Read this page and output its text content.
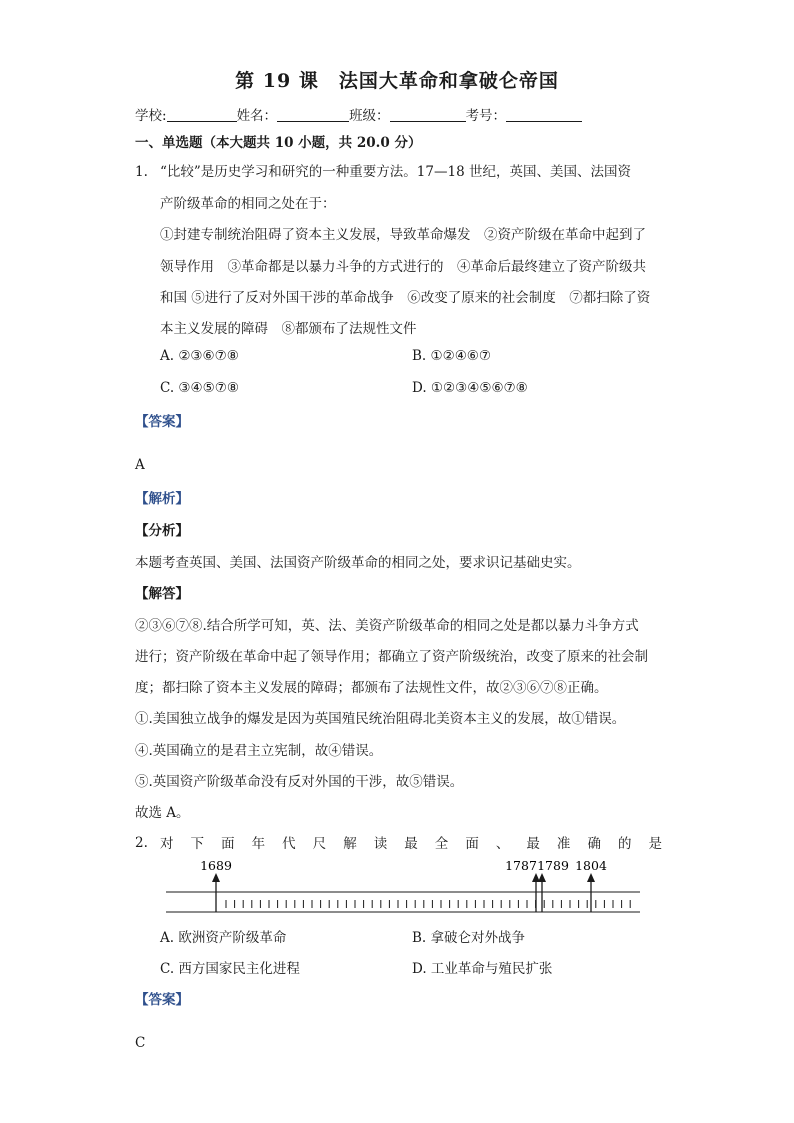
第 19 课　法国大革命和拿破仑帝国
学校:	姓名：	班级：	考号：
一、单选题（本大题共 10 小题，共 20.0 分）
1. “比较”是历史学习和研究的一种重要方法。17—18 世纪，英国、美国、法国资
产阶级革命的相同之处在于：
①封建专制统治阻碍了资本主义发展，导致革命爆发　②资产阶级在革命中起到了
领导作用　③革命都是以暴力斗争的方式进行的　④革命后最终建立了资产阶级共
和国 ⑤进行了反对外国干涉的革命战争　⑥改变了原来的社会制度　⑦都扫除了资
本主义发展的障碍　⑧都颁布了法规性文件
A. ②③⑥⑦⑧	B. ①②④⑥⑦
C. ③④⑤⑦⑧	D. ①②③④⑤⑥⑦⑧
【答案】
A
【解析】
【分析】
本题考查英国、美国、法国资产阶级革命的相同之处，要求识记基础史实。
【解答】
②③⑥⑦⑧.结合所学可知，英、法、美资产阶级革命的相同之处是都以暴力斗争方式
进行；资产阶级在革命中起了领导作用；都确立了资产阶级统治，改变了原来的社会制
度；都扫除了资本主义发展的障碍；都颁布了法规性文件，故②③⑥⑦⑧正确。
①.美国独立战争的爆发是因为英国殖民统治阻碍北美资本主义的发展，故①错误。
④.英国确立的是君主立宪制，故④错误。
⑤.英国资产阶级革命没有反对外国的干涉，故⑤错误。
故选 A。
2. 对 下 面 年 代 尺 解 读 最 全 面 、 最 准 确 的 是
1689	1787 1789 1804
A. 欧洲资产阶级革命	B. 拿破仑对外战争
C. 西方国家民主化进程	D. 工业革命与殖民扩张
【答案】
C
